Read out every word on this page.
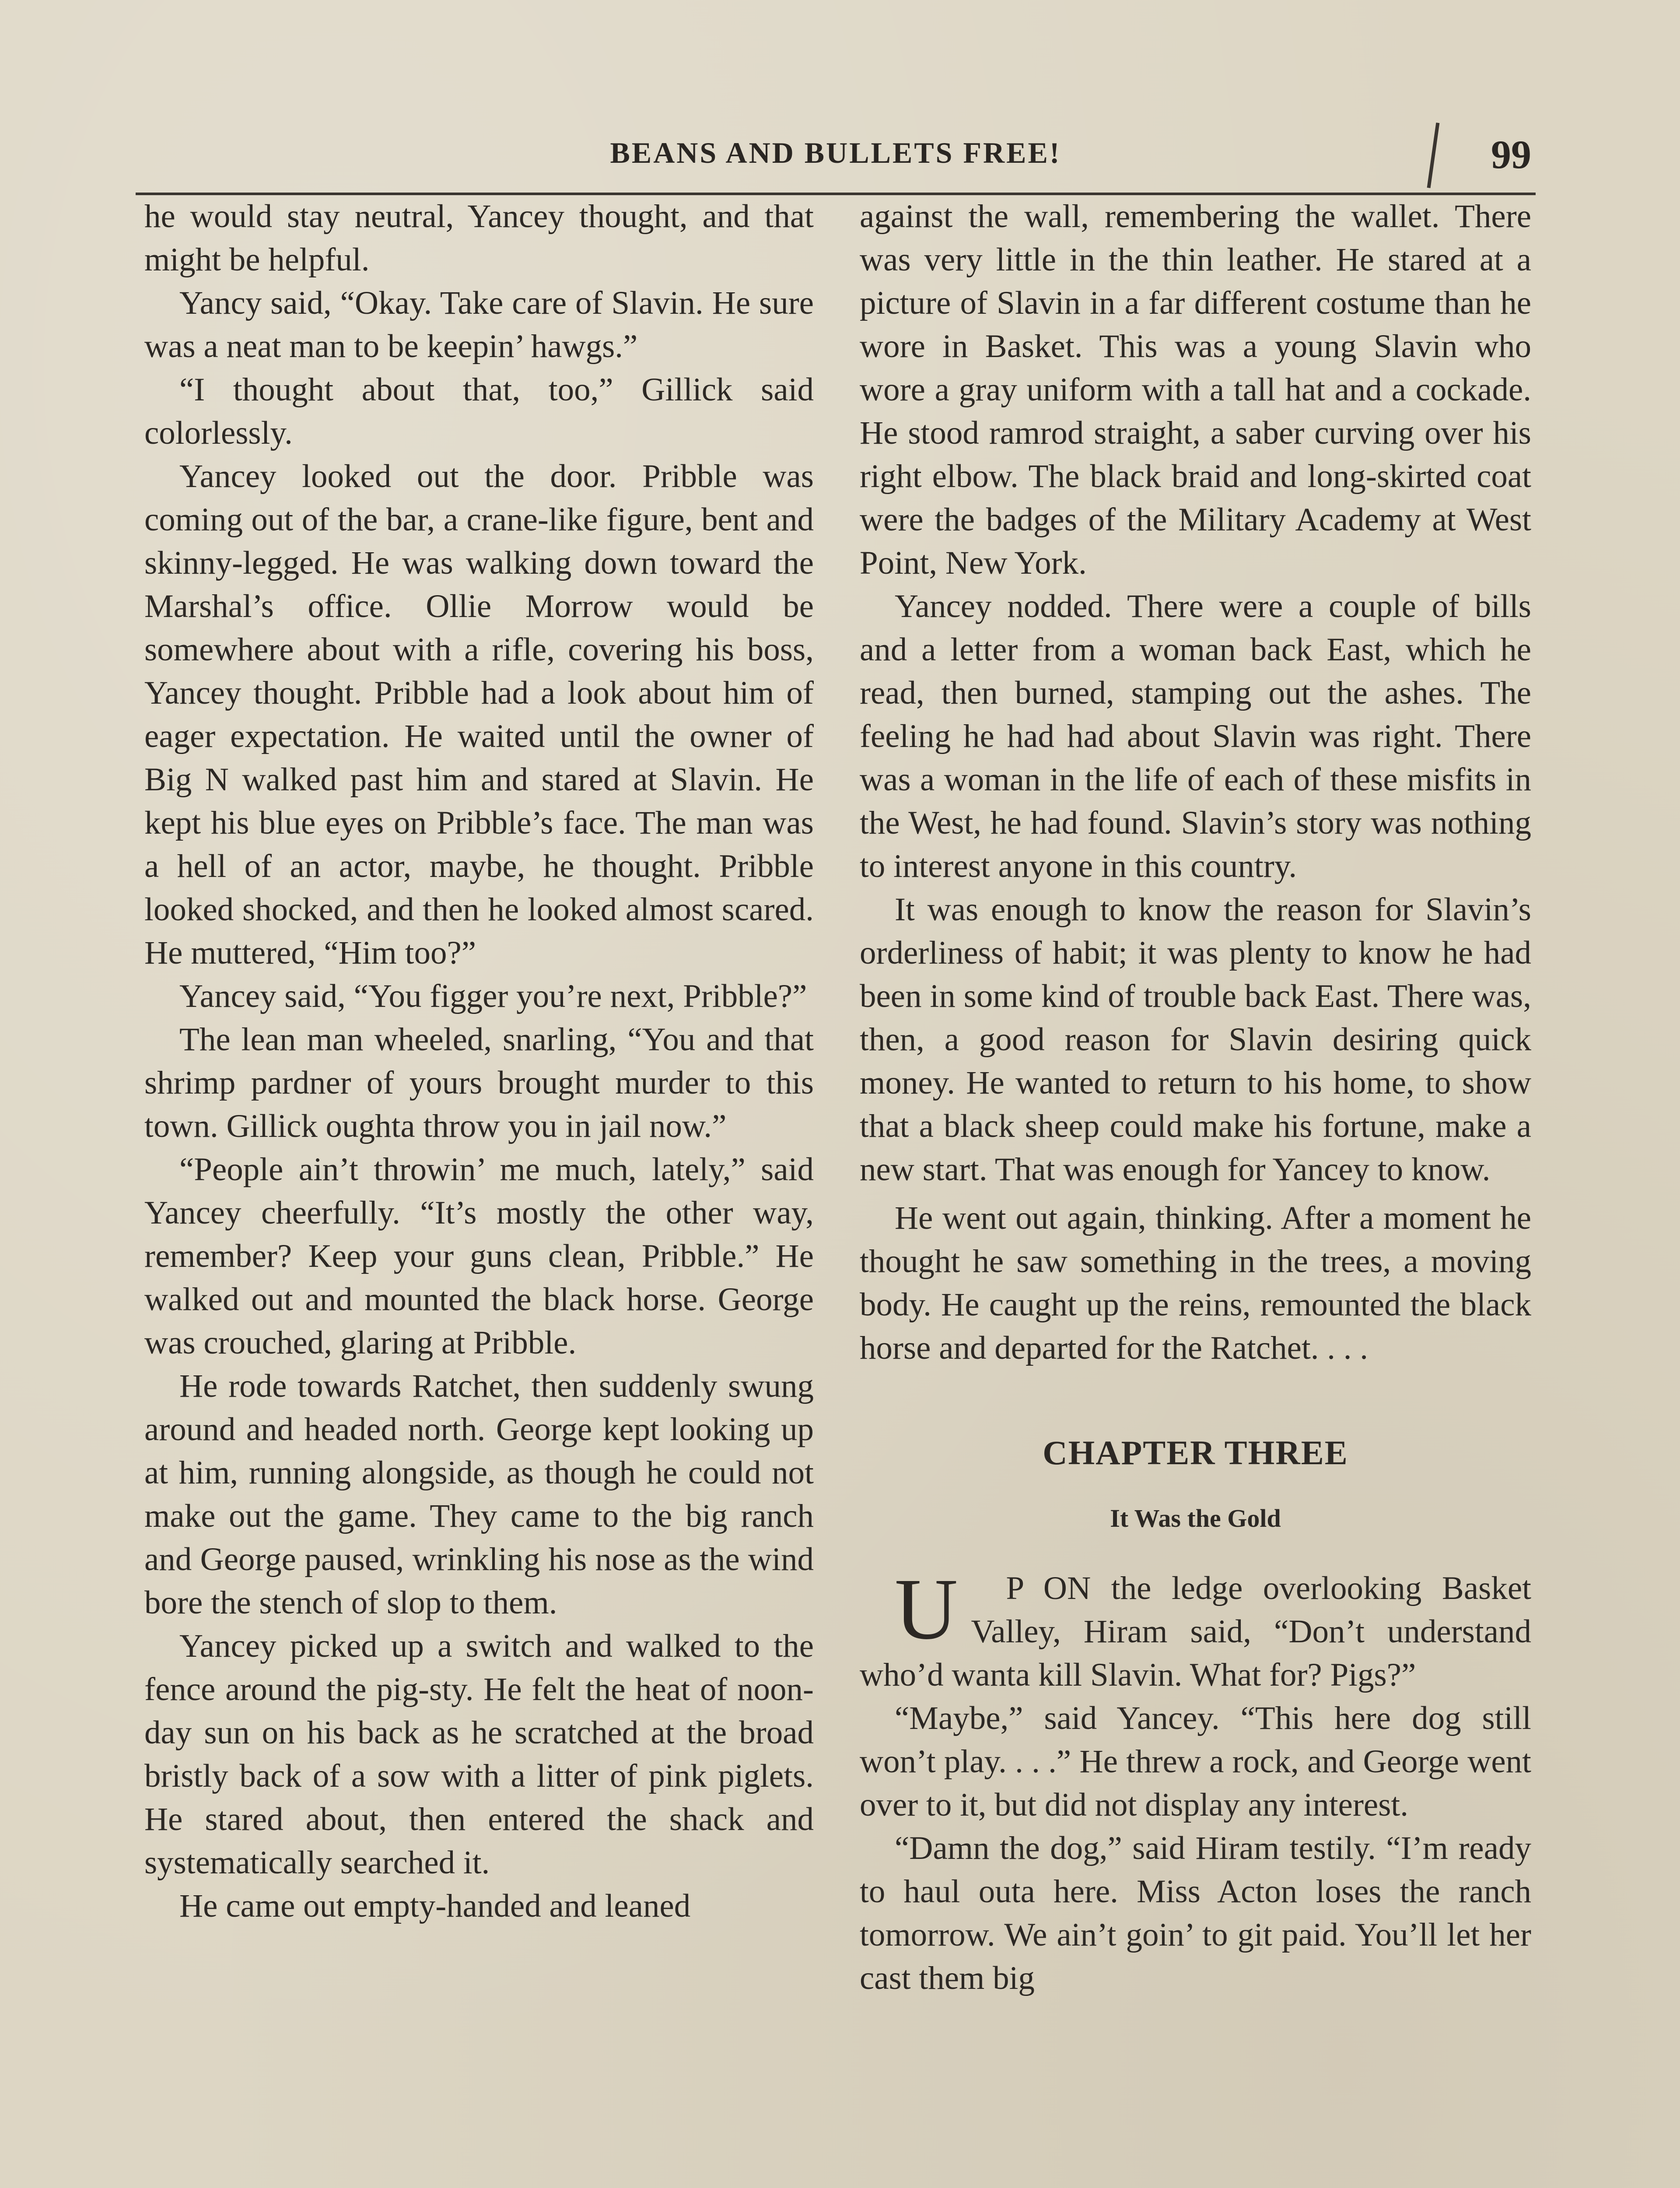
BEANS AND BULLETS FREE!	99

he would stay neutral, Yancey thought, and that might be helpful.

Yancy said, “Okay. Take care of Slavin. He sure was a neat man to be keepin’ hawgs.”

“I thought about that, too,” Gillick said colorlessly.

Yancey looked out the door. Pribble was coming out of the bar, a crane-like figure, bent and skinny-legged. He was walking down toward the Marshal’s office. Ollie Morrow would be somewhere about with a rifle, covering his boss, Yancey thought. Pribble had a look about him of eager expectation. He waited until the owner of Big N walked past him and stared at Slavin. He kept his blue eyes on Pribble’s face. The man was a hell of an actor, maybe, he thought. Pribble looked shocked, and then he looked almost scared. He muttered, “Him too?”

Yancey said, “You figger you’re next, Pribble?”

The lean man wheeled, snarling, “You and that shrimp pardner of yours brought murder to this town. Gillick oughta throw you in jail now.”

“People ain’t throwin’ me much, lately,” said Yancey cheerfully. “It’s mostly the other way, remember? Keep your guns clean, Pribble.” He walked out and mounted the black horse. George was crouched, glaring at Pribble.

He rode towards Ratchet, then suddenly swung around and headed north. George kept looking up at him, running alongside, as though he could not make out the game. They came to the big ranch and George paused, wrinkling his nose as the wind bore the stench of slop to them.

Yancey picked up a switch and walked to the fence around the pig-sty. He felt the heat of noon-day sun on his back as he scratched at the broad bristly back of a sow with a litter of pink piglets. He stared about, then entered the shack and systematically searched it.

He came out empty-handed and leaned

against the wall, remembering the wallet. There was very little in the thin leather. He stared at a picture of Slavin in a far different costume than he wore in Basket. This was a young Slavin who wore a gray uniform with a tall hat and a cockade. He stood ramrod straight, a saber curving over his right elbow. The black braid and long-skirted coat were the badges of the Military Academy at West Point, New York.

Yancey nodded. There were a couple of bills and a letter from a woman back East, which he read, then burned, stamping out the ashes. The feeling he had had about Slavin was right. There was a woman in the life of each of these misfits in the West, he had found. Slavin’s story was nothing to interest anyone in this country.

It was enough to know the reason for Slavin’s orderliness of habit; it was plenty to know he had been in some kind of trouble back East. There was, then, a good reason for Slavin desiring quick money. He wanted to return to his home, to show that a black sheep could make his fortune, make a new start. That was enough for Yancey to know.

He went out again, thinking. After a moment he thought he saw something in the trees, a moving body. He caught up the reins, remounted the black horse and departed for the Ratchet. . . .

CHAPTER THREE
It Was the Gold

U P ON the ledge overlooking Basket Valley, Hiram said, “Don’t understand who’d wanta kill Slavin. What for? Pigs?”

“Maybe,” said Yancey. “This here dog still won’t play. . . .” He threw a rock, and George went over to it, but did not display any interest.

“Damn the dog,” said Hiram testily. “I’m ready to haul outa here. Miss Acton loses the ranch tomorrow. We ain’t goin’ to git paid. You’ll let her cast them big
